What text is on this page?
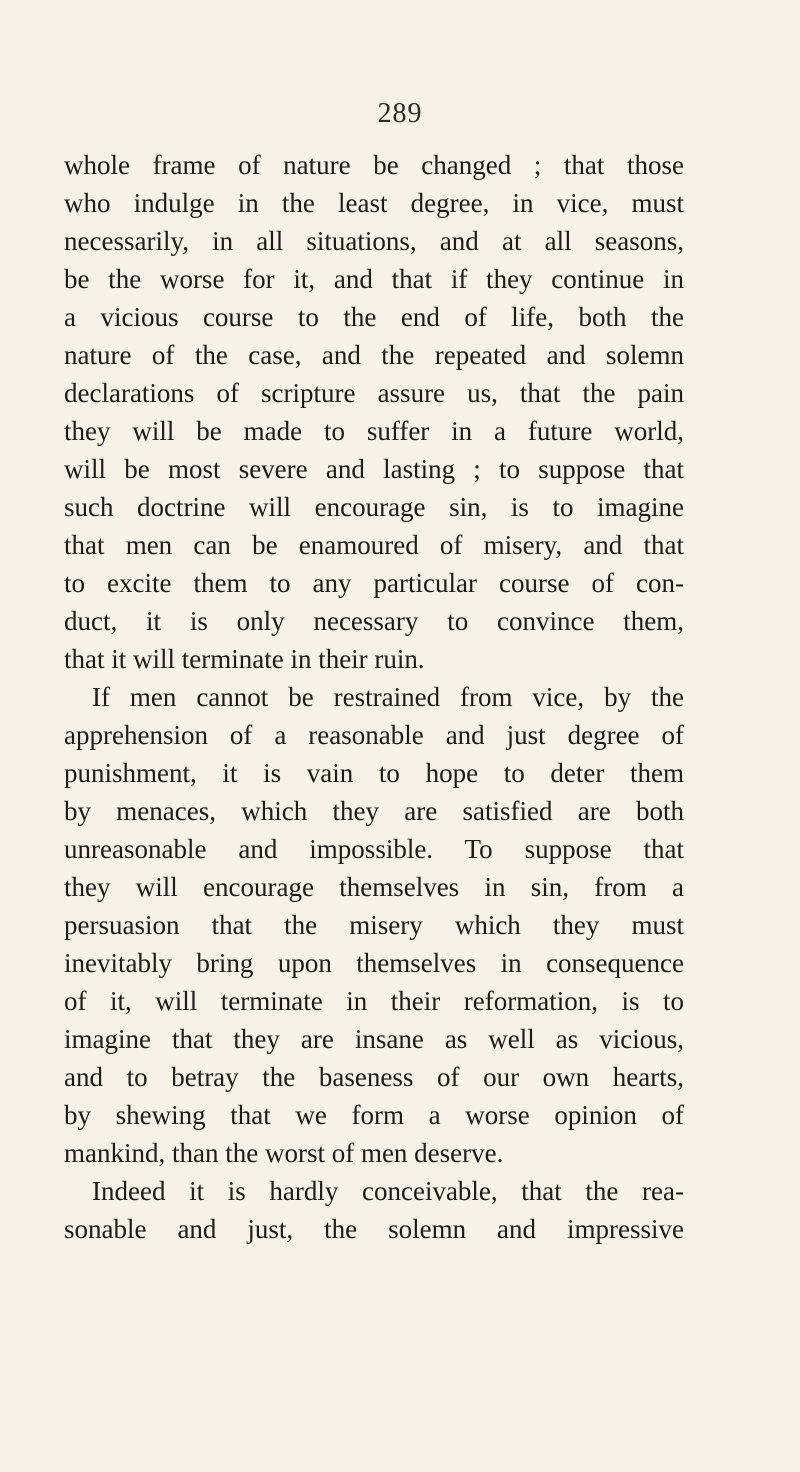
289
whole frame of nature be changed ; that those
who indulge in the least degree, in vice, must
necessarily, in all situations, and at all seasons,
be the worse for it, and that if they continue in
a vicious course to the end of life, both the
nature of the case, and the repeated and solemn
declarations of scripture assure us, that the pain
they will be made to suffer in a future world,
will be most severe and lasting ; to suppose that
such doctrine will encourage sin, is to imagine
that men can be enamoured of misery, and that
to excite them to any particular course of con-
duct, it is only necessary to convince them,
that it will terminate in their ruin.
If men cannot be restrained from vice, by the
apprehension of a reasonable and just degree of
punishment, it is vain to hope to deter them
by menaces, which they are satisfied are both
unreasonable and impossible. To suppose that
they will encourage themselves in sin, from a
persuasion that the misery which they must
inevitably bring upon themselves in consequence
of it, will terminate in their reformation, is to
imagine that they are insane as well as vicious,
and to betray the baseness of our own hearts,
by shewing that we form a worse opinion of
mankind, than the worst of men deserve.
Indeed it is hardly conceivable, that the rea-
sonable and just, the solemn and impressive
